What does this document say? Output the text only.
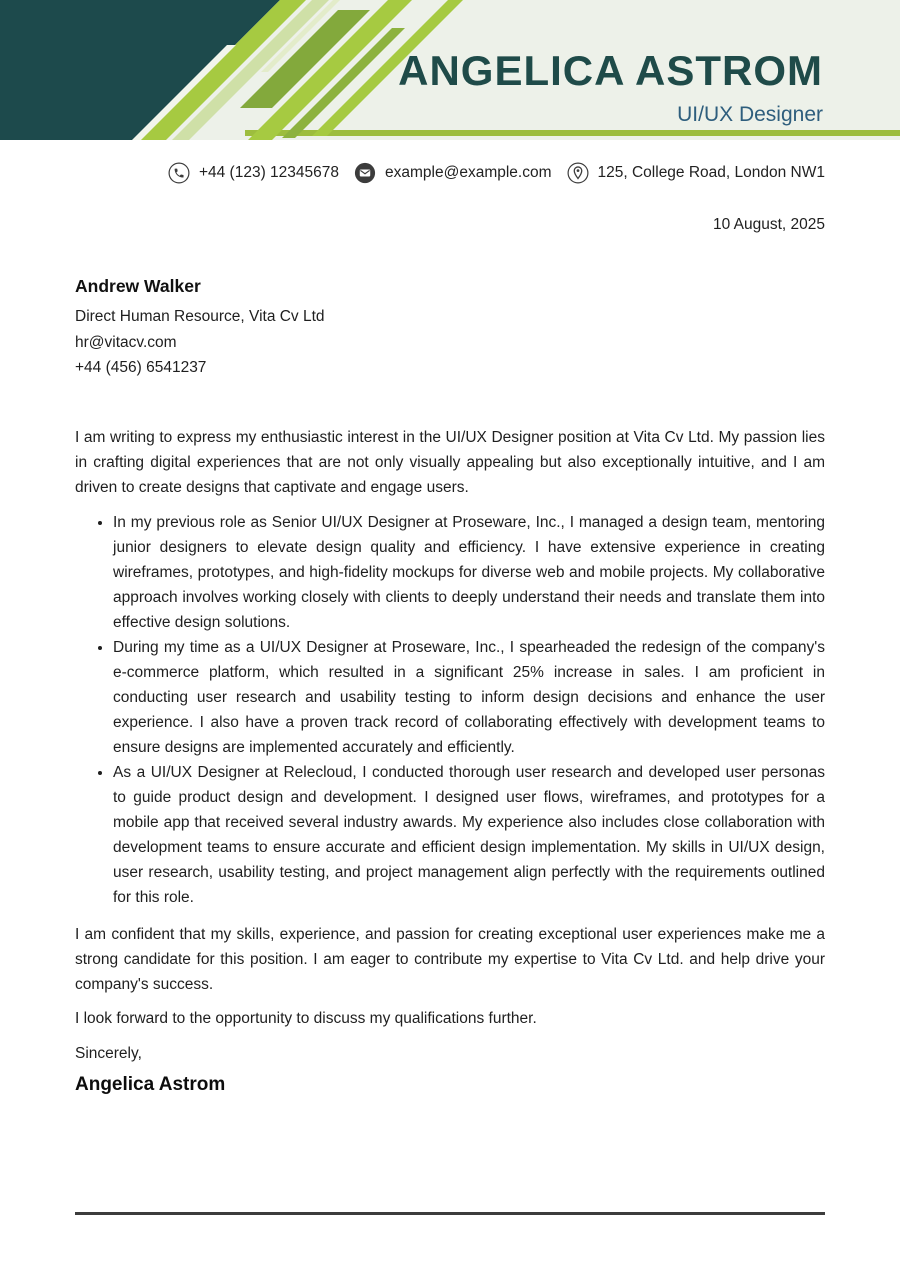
ANGELICA ASTROM
UI/UX Designer
+44 (123) 12345678	example@example.com	125, College Road, London NW1
10 August, 2025
Andrew Walker
Direct Human Resource, Vita Cv Ltd
hr@vitacv.com
+44 (456) 6541237

I am writing to express my enthusiastic interest in the UI/UX Designer position at Vita Cv Ltd. My passion lies in crafting digital experiences that are not only visually appealing but also exceptionally intuitive, and I am driven to create designs that captivate and engage users.

• In my previous role as Senior UI/UX Designer at Proseware, Inc., I managed a design team, mentoring junior designers to elevate design quality and efficiency. I have extensive experience in creating wireframes, prototypes, and high-fidelity mockups for diverse web and mobile projects. My collaborative approach involves working closely with clients to deeply understand their needs and translate them into effective design solutions.
• During my time as a UI/UX Designer at Proseware, Inc., I spearheaded the redesign of the company's e-commerce platform, which resulted in a significant 25% increase in sales. I am proficient in conducting user research and usability testing to inform design decisions and enhance the user experience. I also have a proven track record of collaborating effectively with development teams to ensure designs are implemented accurately and efficiently.
• As a UI/UX Designer at Relecloud, I conducted thorough user research and developed user personas to guide product design and development. I designed user flows, wireframes, and prototypes for a mobile app that received several industry awards. My experience also includes close collaboration with development teams to ensure accurate and efficient design implementation. My skills in UI/UX design, user research, usability testing, and project management align perfectly with the requirements outlined for this role.

I am confident that my skills, experience, and passion for creating exceptional user experiences make me a strong candidate for this position. I am eager to contribute my expertise to Vita Cv Ltd. and help drive your company's success.

I look forward to the opportunity to discuss my qualifications further.

Sincerely,

Angelica Astrom
